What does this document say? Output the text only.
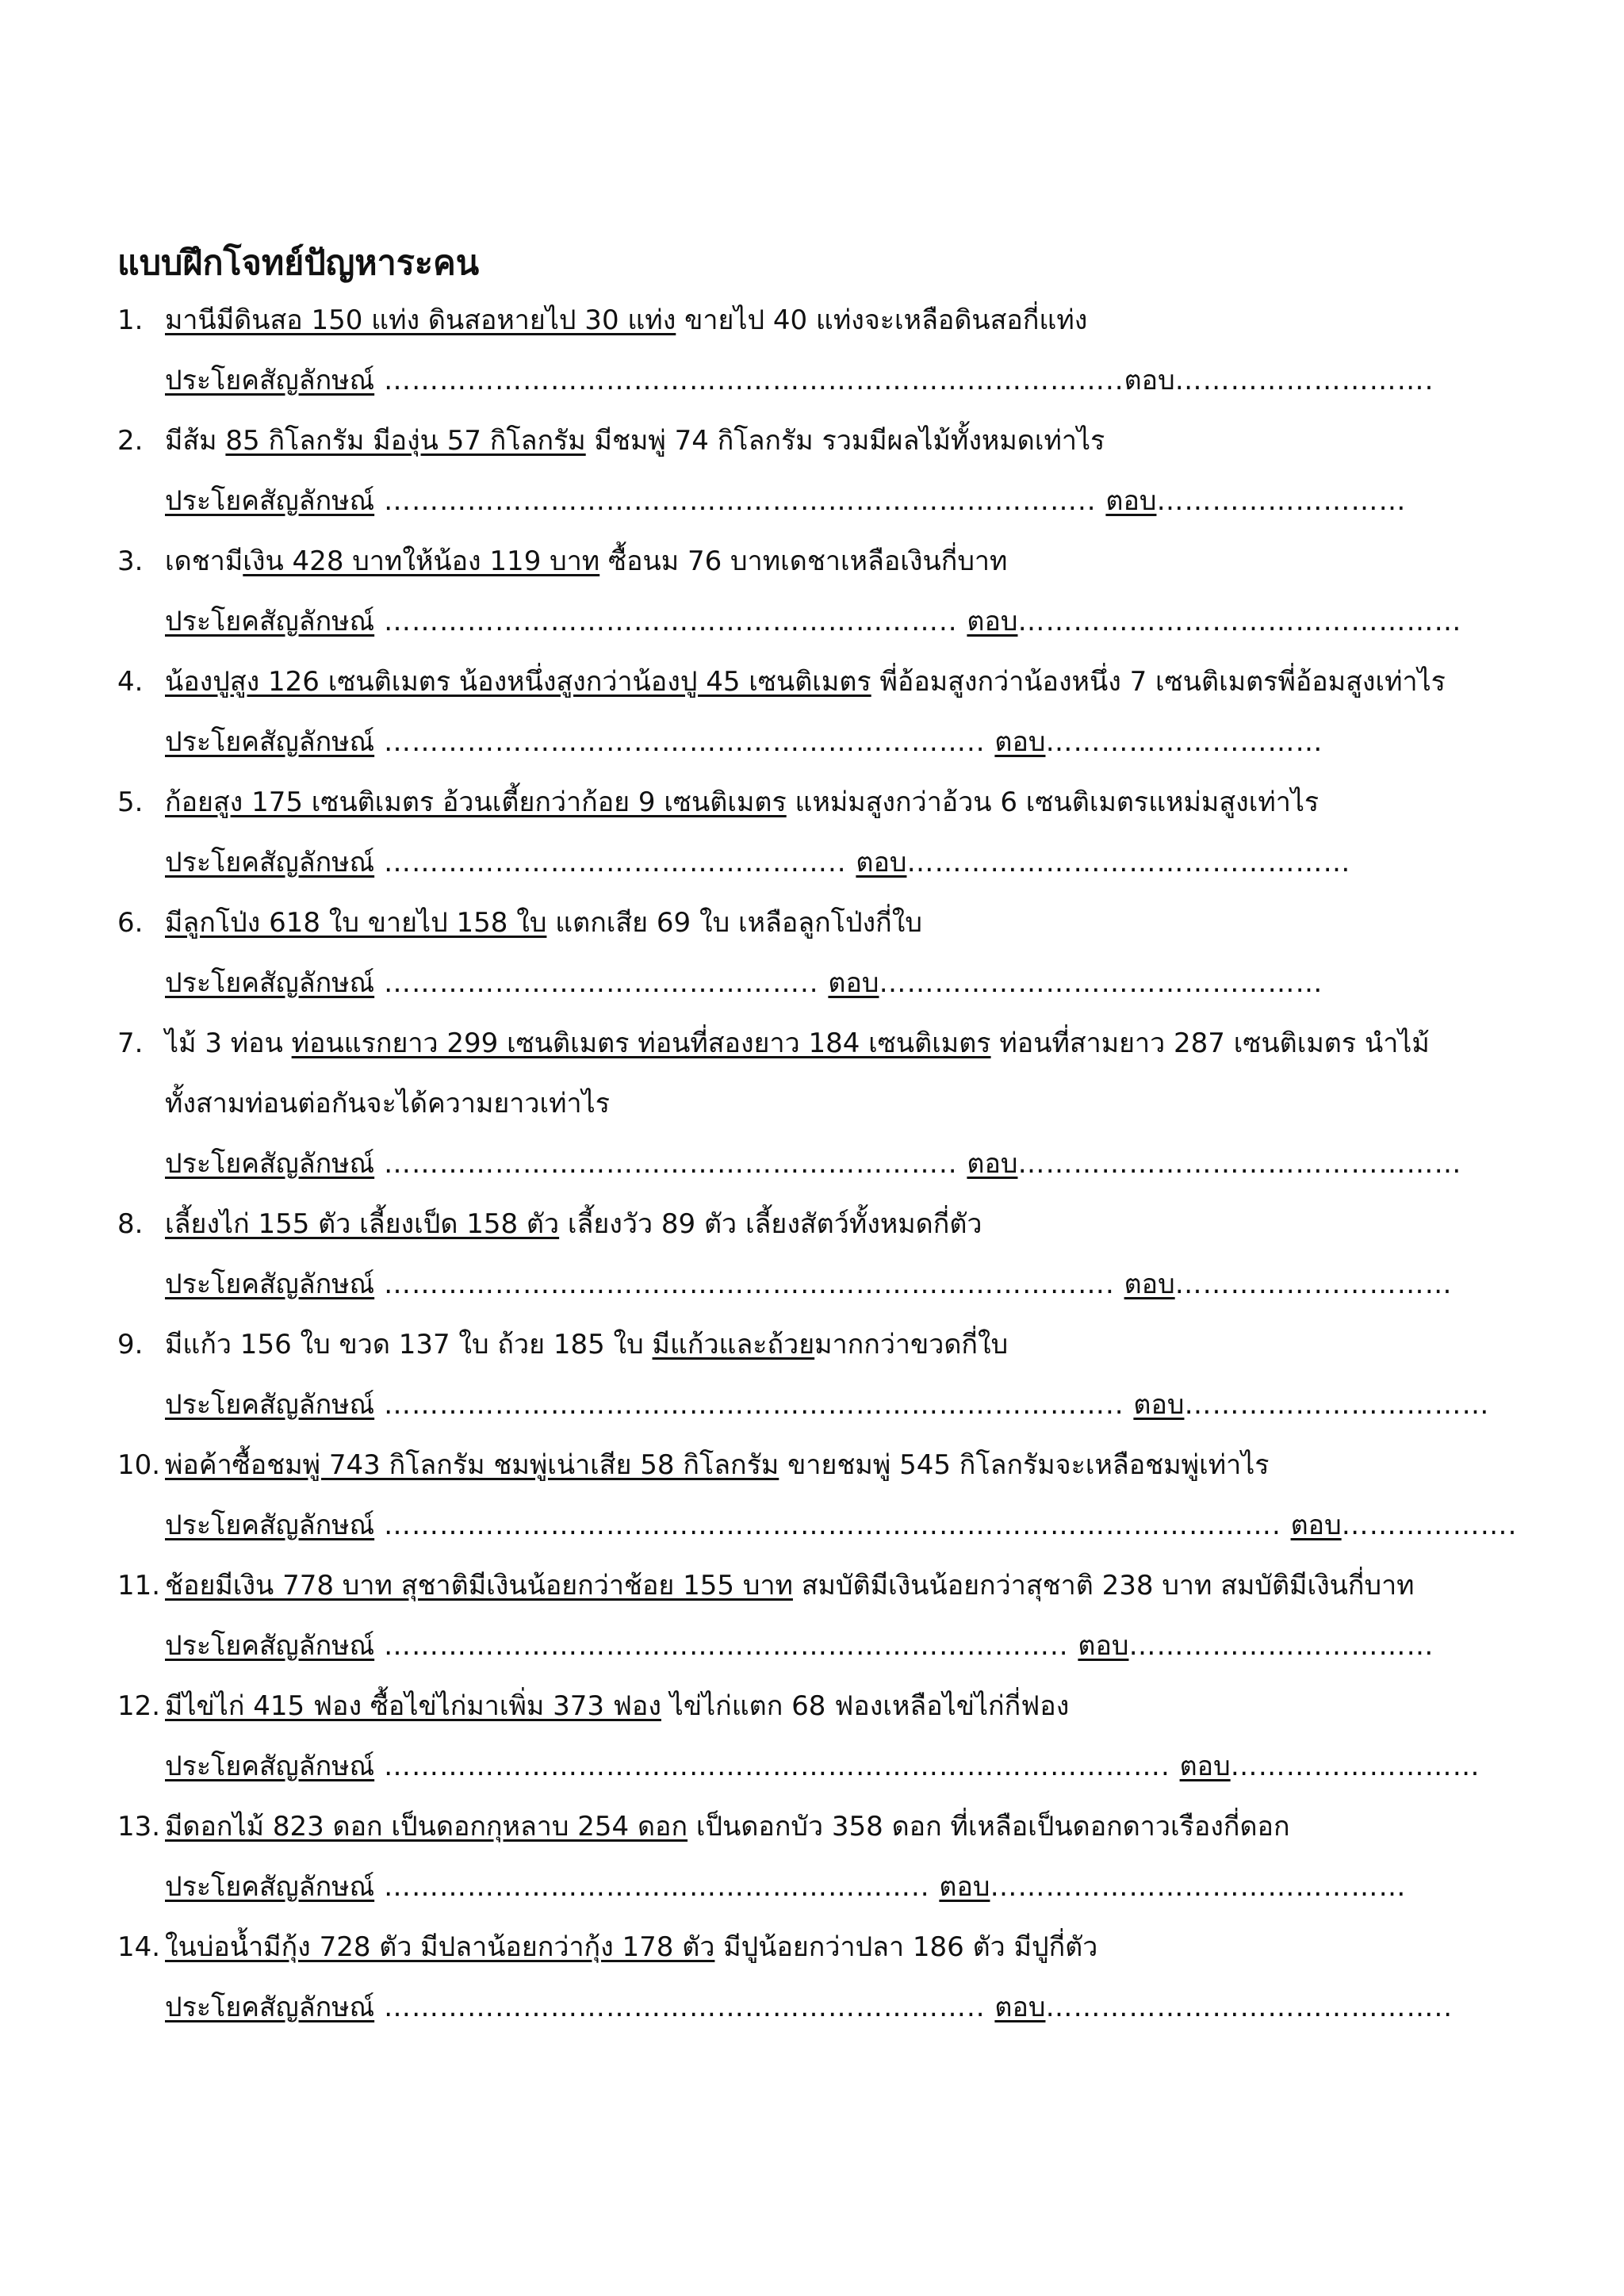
แบบฝึกโจทย์ปัญหาระคน
1. มานีมีดินสอ 150 แท่ง ดินสอหายไป 30 แท่ง ขายไป 40 แท่งจะเหลือดินสอกี่แท่ง
ประโยคสัญลักษณ์ ……………………………………………………………………..ตอบ……………………….
2. มีส้ม 85 กิโลกรัม มีองุ่น 57 กิโลกรัม มีชมพู่ 74 กิโลกรัม รวมมีผลไม้ทั้งหมดเท่าไร
ประโยคสัญลักษณ์ ………………………………………………………………….. ตอบ………………………
3. เดชามีเงิน 428 บาทให้น้อง 119 บาท ซื้อนม 76 บาทเดชาเหลือเงินกี่บาท
ประโยคสัญลักษณ์ …………………………………………………….. ตอบ…………………………………………
4. น้องปูสูง 126 เซนติเมตร น้องหนึ่งสูงกว่าน้องปู 45 เซนติเมตร พี่อ้อมสูงกว่าน้องหนึ่ง 7 เซนติเมตรพี่อ้อมสูงเท่าไร
ประโยคสัญลักษณ์ ……………………………………………………….. ตอบ…………………………
5. ก้อยสูง 175 เซนติเมตร อ้วนเตี้ยกว่าก้อย 9 เซนติเมตร แหม่มสูงกว่าอ้วน 6 เซนติเมตรแหม่มสูงเท่าไร
ประโยคสัญลักษณ์ ………………………………………….. ตอบ…………………………………………
6. มีลูกโป่ง 618 ใบ ขายไป 158 ใบ แตกเสีย 69 ใบ เหลือลูกโป่งกี่ใบ
ประโยคสัญลักษณ์ ……………………………………….. ตอบ…………………………………………
7. ไม้ 3 ท่อน ท่อนแรกยาว 299 เซนติเมตร ท่อนที่สองยาว 184 เซนติเมตร ท่อนที่สามยาว 287 เซนติเมตร นำไม้
ทั้งสามท่อนต่อกันจะได้ความยาวเท่าไร
ประโยคสัญลักษณ์ …………………………………………………….. ตอบ…………………………………………
8. เลี้ยงไก่ 155 ตัว เลี้ยงเป็ด 158 ตัว เลี้ยงวัว 89 ตัว เลี้ยงสัตว์ทั้งหมดกี่ตัว
ประโยคสัญลักษณ์ ……………………………………………………………………. ตอบ…………………………
9. มีแก้ว 156 ใบ ขวด 137 ใบ ถ้วย 185 ใบ มีแก้วและถ้วยมากกว่าขวดกี่ใบ
ประโยคสัญลักษณ์ …………………………………………………………………….. ตอบ……………………………
10. พ่อค้าซื้อชมพู่ 743 กิโลกรัม ชมพู่เน่าเสีย 58 กิโลกรัม ขายชมพู่ 545 กิโลกรัมจะเหลือชมพู่เท่าไร
ประโยคสัญลักษณ์ ……………………………………………………………………………………. ตอบ……………….
11. ช้อยมีเงิน 778 บาท สุชาติมีเงินน้อยกว่าช้อย 155 บาท สมบัติมีเงินน้อยกว่าสุชาติ 238 บาท สมบัติมีเงินกี่บาท
ประโยคสัญลักษณ์ ……………………………………………………………….. ตอบ……………………………
12. มีไข่ไก่ 415 ฟอง ซื้อไข่ไก่มาเพิ่ม 373 ฟอง ไข่ไก่แตก 68 ฟองเหลือไข่ไก่กี่ฟอง
ประโยคสัญลักษณ์ …………………………………………………………………………. ตอบ………………………
13. มีดอกไม้ 823 ดอก เป็นดอกกุหลาบ 254 ดอก เป็นดอกบัว 358 ดอก ที่เหลือเป็นดอกดาวเรืองกี่ดอก
ประโยคสัญลักษณ์ ………………………………………………….. ตอบ………………………………………
14. ในบ่อน้ำมีกุ้ง 728 ตัว มีปลาน้อยกว่ากุ้ง 178 ตัว มีปูน้อยกว่าปลา 186 ตัว มีปูกี่ตัว
ประโยคสัญลักษณ์ ……………………………………………………….. ตอบ……………………………………..
